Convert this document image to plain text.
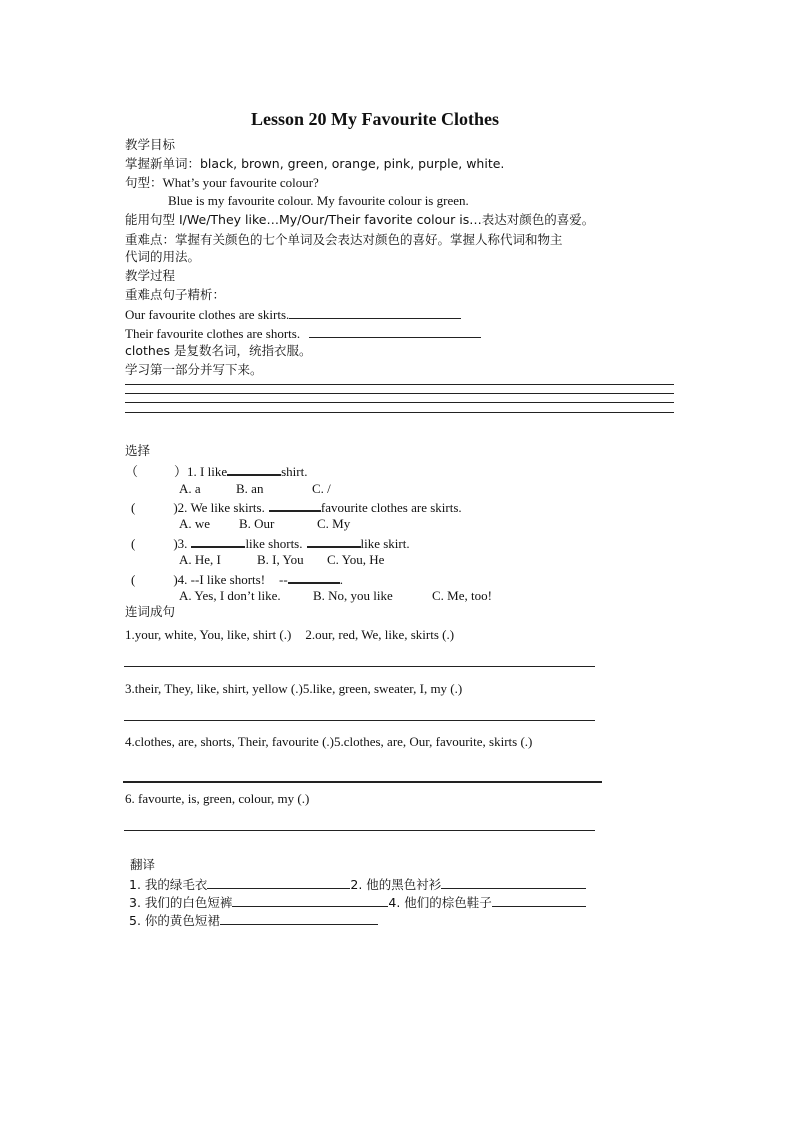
Lesson 20 My Favourite Clothes
教学目标
掌握新单词：black, brown, green, orange, pink, purple, white.
句型：What’s your favourite colour?
Blue is my favourite colour. My favourite colour is green.
能用句型 I/We/They like…My/Our/Their favorite colour is…表达对颜色的喜爱。
重难点：掌握有关颜色的七个单词及会表达对颜色的喜好。掌握人称代词和物主
代词的用法。
教学过程
重难点句子精析：
Our favourite clothes are skirts.
Their favourite clothes are shorts.
clothes 是复数名词，统指衣服。
学习第一部分并写下来。
选择
（	）1. I like	shirt.
A. a	B. an	C. /
(	)2. We like skirts.	favourite clothes are skirts.
A. we B. Our	C. My
(	)3.	like shorts.	like skirt.
A. He, I	B. I, You C. You, He
(	)4. --I like shorts! --	.
A. Yes, I don’t like. B. No, you like	C. Me, too!
连词成句
1.your, white, You, like, shirt (.) 2.our, red, We, like, skirts (.)
3.their, They, like, shirt, yellow (.)5.like, green, sweater, I, my (.)
4.clothes, are, shorts, Their, favourite (.)5.clothes, are, Our, favourite, skirts (.)
6. favourte, is, green, colour, my (.)
翻译
1. 我的绿毛衣	2. 他的黑色衬衫
3. 我们的白色短裤	4. 他们的棕色鞋子
5. 你的黄色短裙
